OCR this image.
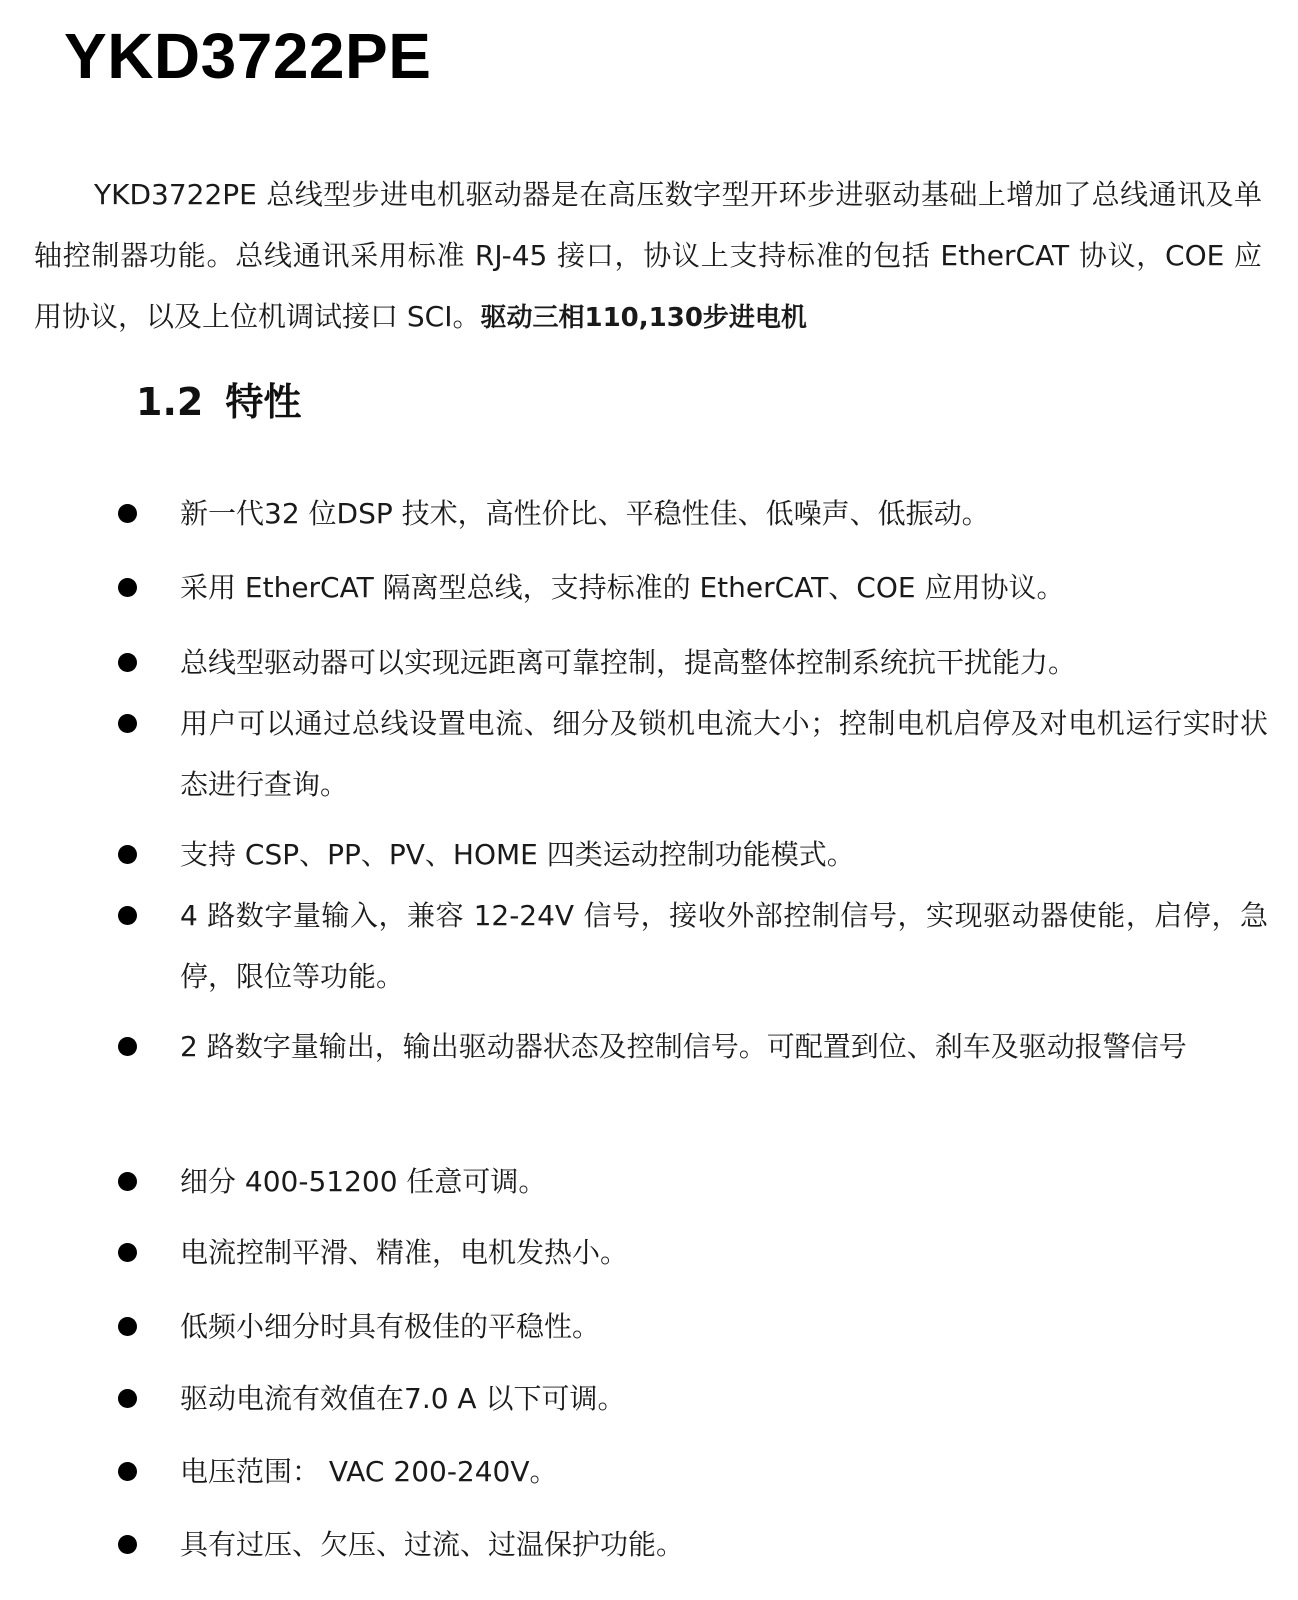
YKD3722PE

YKD3722PE 总线型步进电机驱动器是在高压数字型开环步进驱动基础上增加了总线通讯及单轴控制器功能。总线通讯采用标准 RJ-45 接口，协议上支持标准的包括 EtherCAT 协议，COE 应用协议，以及上位机调试接口 SCI。驱动三相110,130步进电机

1.2 特性
新一代32 位DSP 技术，高性价比、平稳性佳、低噪声、低振动。
采用 EtherCAT 隔离型总线，支持标准的 EtherCAT、COE 应用协议。
总线型驱动器可以实现远距离可靠控制，提高整体控制系统抗干扰能力。
用户可以通过总线设置电流、细分及锁机电流大小；控制电机启停及对电机运行实时状态进行查询。
支持 CSP、PP、PV、HOME 四类运动控制功能模式。
4 路数字量输入，兼容 12-24V 信号，接收外部控制信号，实现驱动器使能，启停，急停，限位等功能。
2 路数字量输出，输出驱动器状态及控制信号。可配置到位、刹车及驱动报警信号
细分 400-51200 任意可调。
电流控制平滑、精准，电机发热小。
低频小细分时具有极佳的平稳性。
驱动电流有效值在7.0 A 以下可调。
电压范围： VAC 200-240V。
具有过压、欠压、过流、过温保护功能。
